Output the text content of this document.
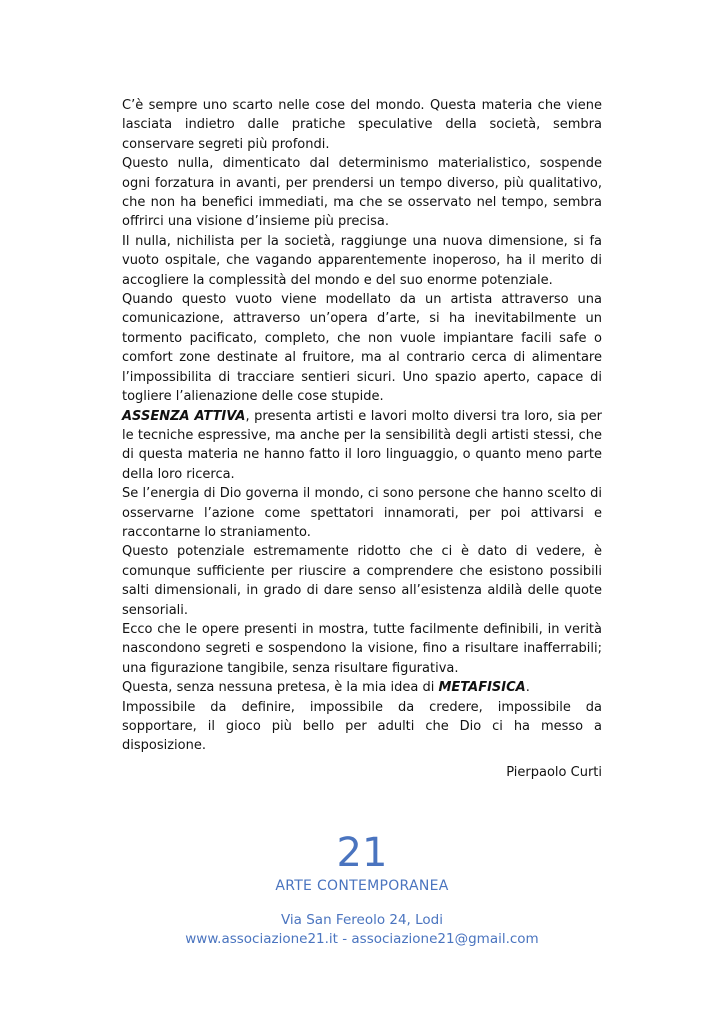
C’è sempre uno scarto nelle cose del mondo. Questa materia che viene lasciata indietro dalle pratiche speculative della società, sembra conservare segreti più profondi.

Questo nulla, dimenticato dal determinismo materialistico, sospende ogni forzatura in avanti, per prendersi un tempo diverso, più qualitativo, che non ha benefici immediati, ma che se osservato nel tempo, sembra offrirci una visione d’insieme più precisa.

Il nulla, nichilista per la società, raggiunge una nuova dimensione, si fa vuoto ospitale, che vagando apparentemente inoperoso, ha il merito di accogliere la complessità del mondo e del suo enorme potenziale.

Quando questo vuoto viene modellato da un artista attraverso una comunicazione, attraverso un’opera d’arte, si ha inevitabilmente un tormento pacificato, completo, che non vuole impiantare facili safe o comfort zone destinate al fruitore, ma al contrario cerca di alimentare l’impossibilita di tracciare sentieri sicuri. Uno spazio aperto, capace di togliere l’alienazione delle cose stupide.

ASSENZA ATTIVA, presenta artisti e lavori molto diversi tra loro, sia per le tecniche espressive, ma anche per la sensibilità degli artisti stessi, che di questa materia ne hanno fatto il loro linguaggio, o quanto meno parte della loro ricerca.

Se l’energia di Dio governa il mondo, ci sono persone che hanno scelto di osservarne l’azione come spettatori innamorati, per poi attivarsi e raccontarne lo straniamento.

Questo potenziale estremamente ridotto che ci è dato di vedere, è comunque sufficiente per riuscire a comprendere che esistono possibili salti dimensionali, in grado di dare senso all’esistenza aldilà delle quote sensoriali.

Ecco che le opere presenti in mostra, tutte facilmente definibili, in verità nascondono segreti e sospendono la visione, fino a risultare inafferrabili; una figurazione tangibile, senza risultare figurativa.

Questa, senza nessuna pretesa, è la mia idea di METAFISICA.

Impossibile da definire, impossibile da credere, impossibile da sopportare, il gioco più bello per adulti che Dio ci ha messo a disposizione.

Pierpaolo Curti
21
ARTE CONTEMPORANEA
Via San Fereolo 24, Lodi
www.associazione21.it - associazione21@gmail.com
